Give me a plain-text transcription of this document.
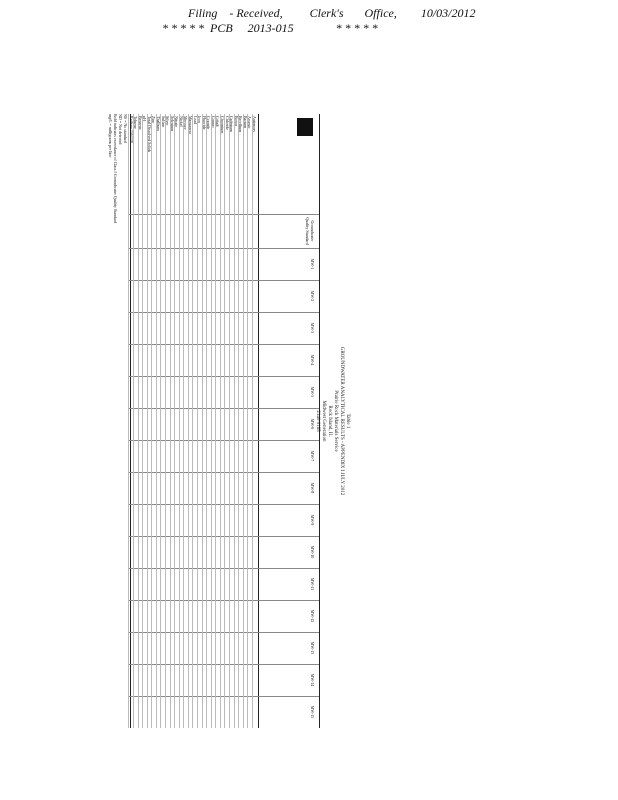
Filing    - Received,         Clerk's       Office,        10/03/2012
* * * * *  PCB     2013-015              * * * * *
Table 1
GROUNDWATER ANALYTICAL RESULTS - APPENDIX I JULY 2012
Prairie Rock Materials Service
Rock Island, IL
Midwest Generation
2140 0165
Groundwater Quality Standard
MW-1
MW-2
MW-3
MW-4
MW-5
MW-6
MW-7
MW-8
MW-9
MW-10
MW-11
MW-12
MW-13
MW-14
MW-15
Antimony
Arsenic
Barium
Beryllium
Boron
Cadmium
Chloride
Chromium
Cobalt
Copper
Cyanide
Fluoride
Iron
Lead
Manganese
Mercury
Nickel
Nitrate
Selenium
Silver
Sulfate
Thallium
Zinc
Total Dissolved Solids
pH
Benzene
Toluene
Radium 226/228
NS = No standard
ND = Not detected
Bold indicates exceedance of Class I Groundwater Quality Standard
mg/L = milligrams per liter
